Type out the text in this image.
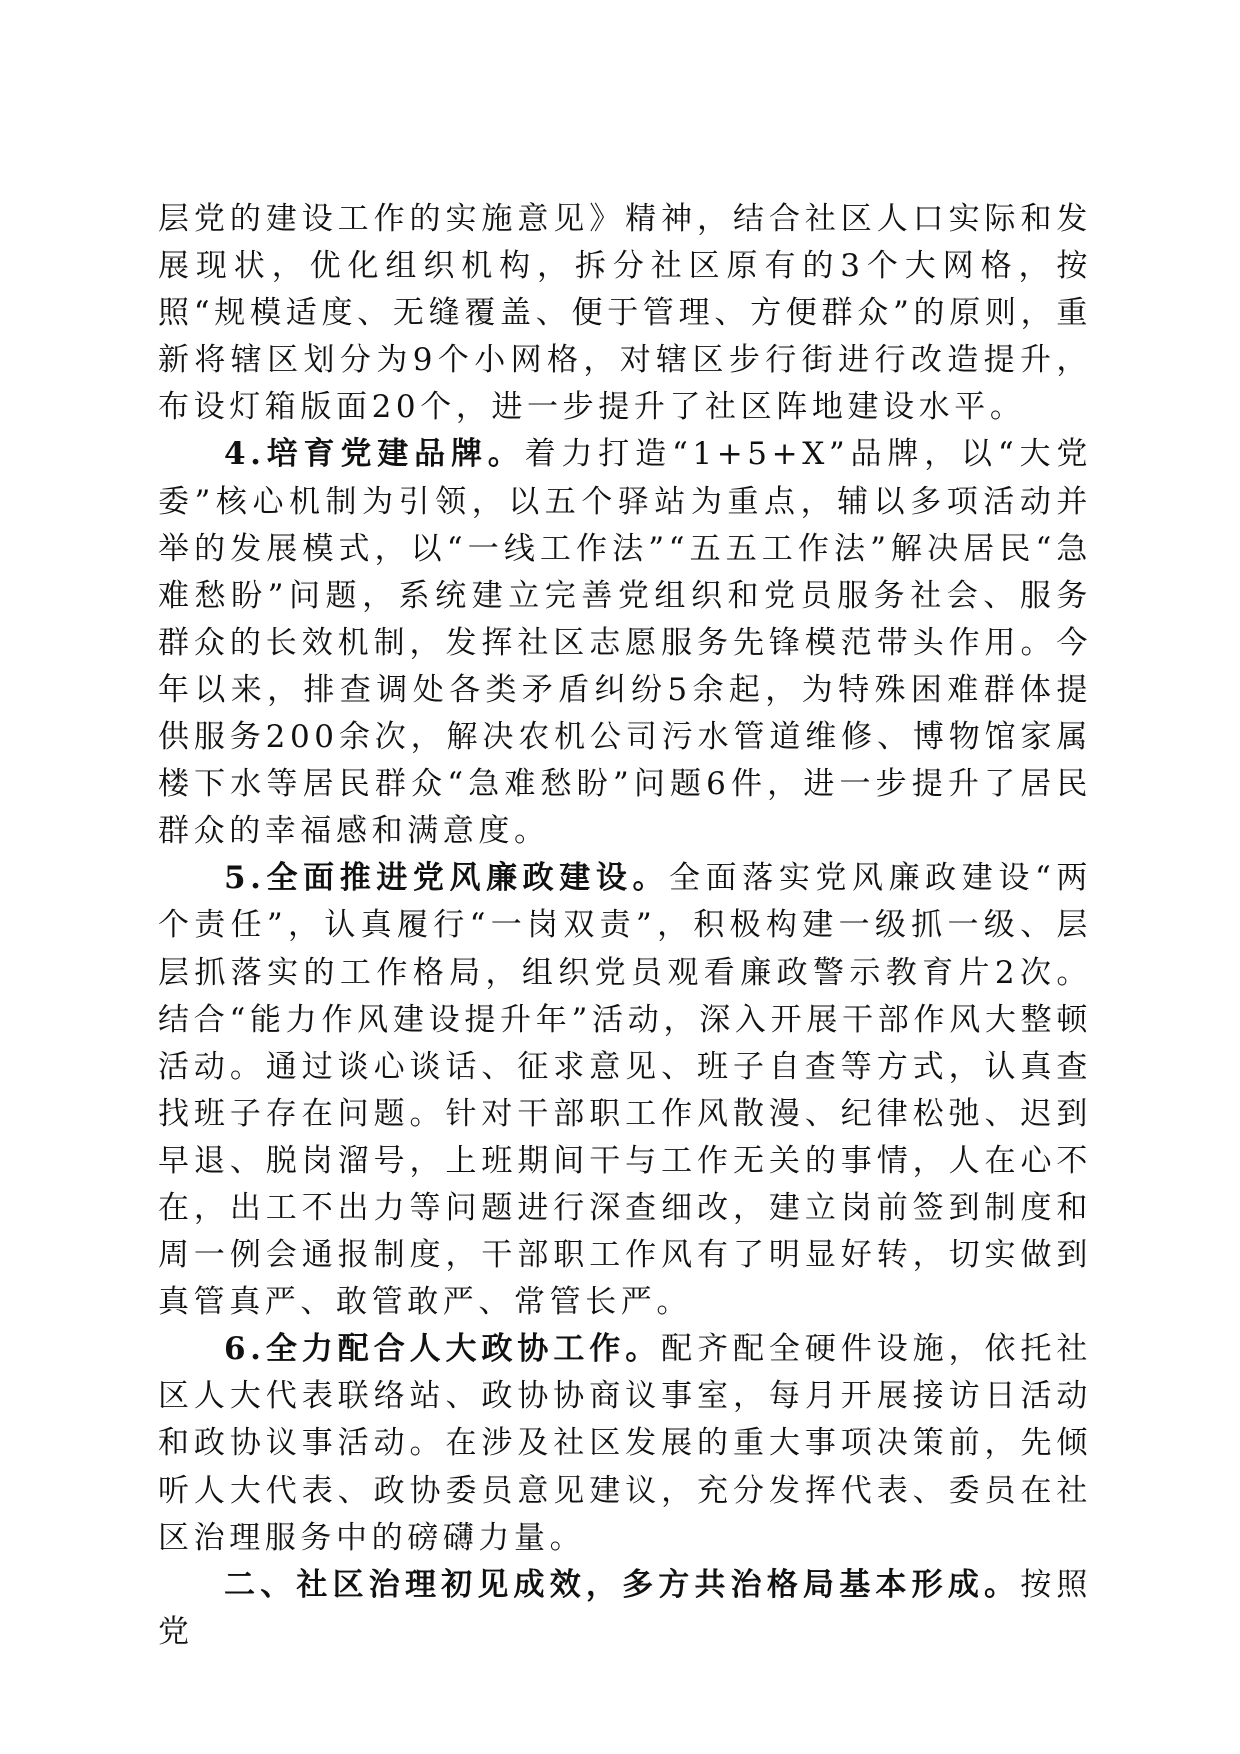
层党的建设工作的实施意见》精神，结合社区人口实际和发展现状，优化组织机构，拆分社区原有的3个大网格，按照“规模适度、无缝覆盖、便于管理、方便群众”的原则，重新将辖区划分为9个小网格，对辖区步行街进行改造提升，布设灯箱版面20个，进一步提升了社区阵地建设水平。

4.培育党建品牌。着力打造“1+5+X”品牌，以“大党委”核心机制为引领，以五个驿站为重点，辅以多项活动并举的发展模式，以“一线工作法”“五五工作法”解决居民“急难愁盼”问题，系统建立完善党组织和党员服务社会、服务群众的长效机制，发挥社区志愿服务先锋模范带头作用。今年以来，排查调处各类矛盾纠纷5余起，为特殊困难群体提供服务200余次，解决农机公司污水管道维修、博物馆家属楼下水等居民群众“急难愁盼”问题6件，进一步提升了居民群众的幸福感和满意度。

5.全面推进党风廉政建设。全面落实党风廉政建设“两个责任”，认真履行“一岗双责”，积极构建一级抓一级、层层抓落实的工作格局，组织党员观看廉政警示教育片2次。结合“能力作风建设提升年”活动，深入开展干部作风大整顿活动。通过谈心谈话、征求意见、班子自查等方式，认真查找班子存在问题。针对干部职工作风散漫、纪律松弛、迟到早退、脱岗溜号，上班期间干与工作无关的事情，人在心不在，出工不出力等问题进行深查细改，建立岗前签到制度和周一例会通报制度，干部职工作风有了明显好转，切实做到真管真严、敢管敢严、常管长严。

6.全力配合人大政协工作。配齐配全硬件设施，依托社区人大代表联络站、政协协商议事室，每月开展接访日活动和政协议事活动。在涉及社区发展的重大事项决策前，先倾听人大代表、政协委员意见建议，充分发挥代表、委员在社区治理服务中的磅礴力量。

二、社区治理初见成效，多方共治格局基本形成。按照党
